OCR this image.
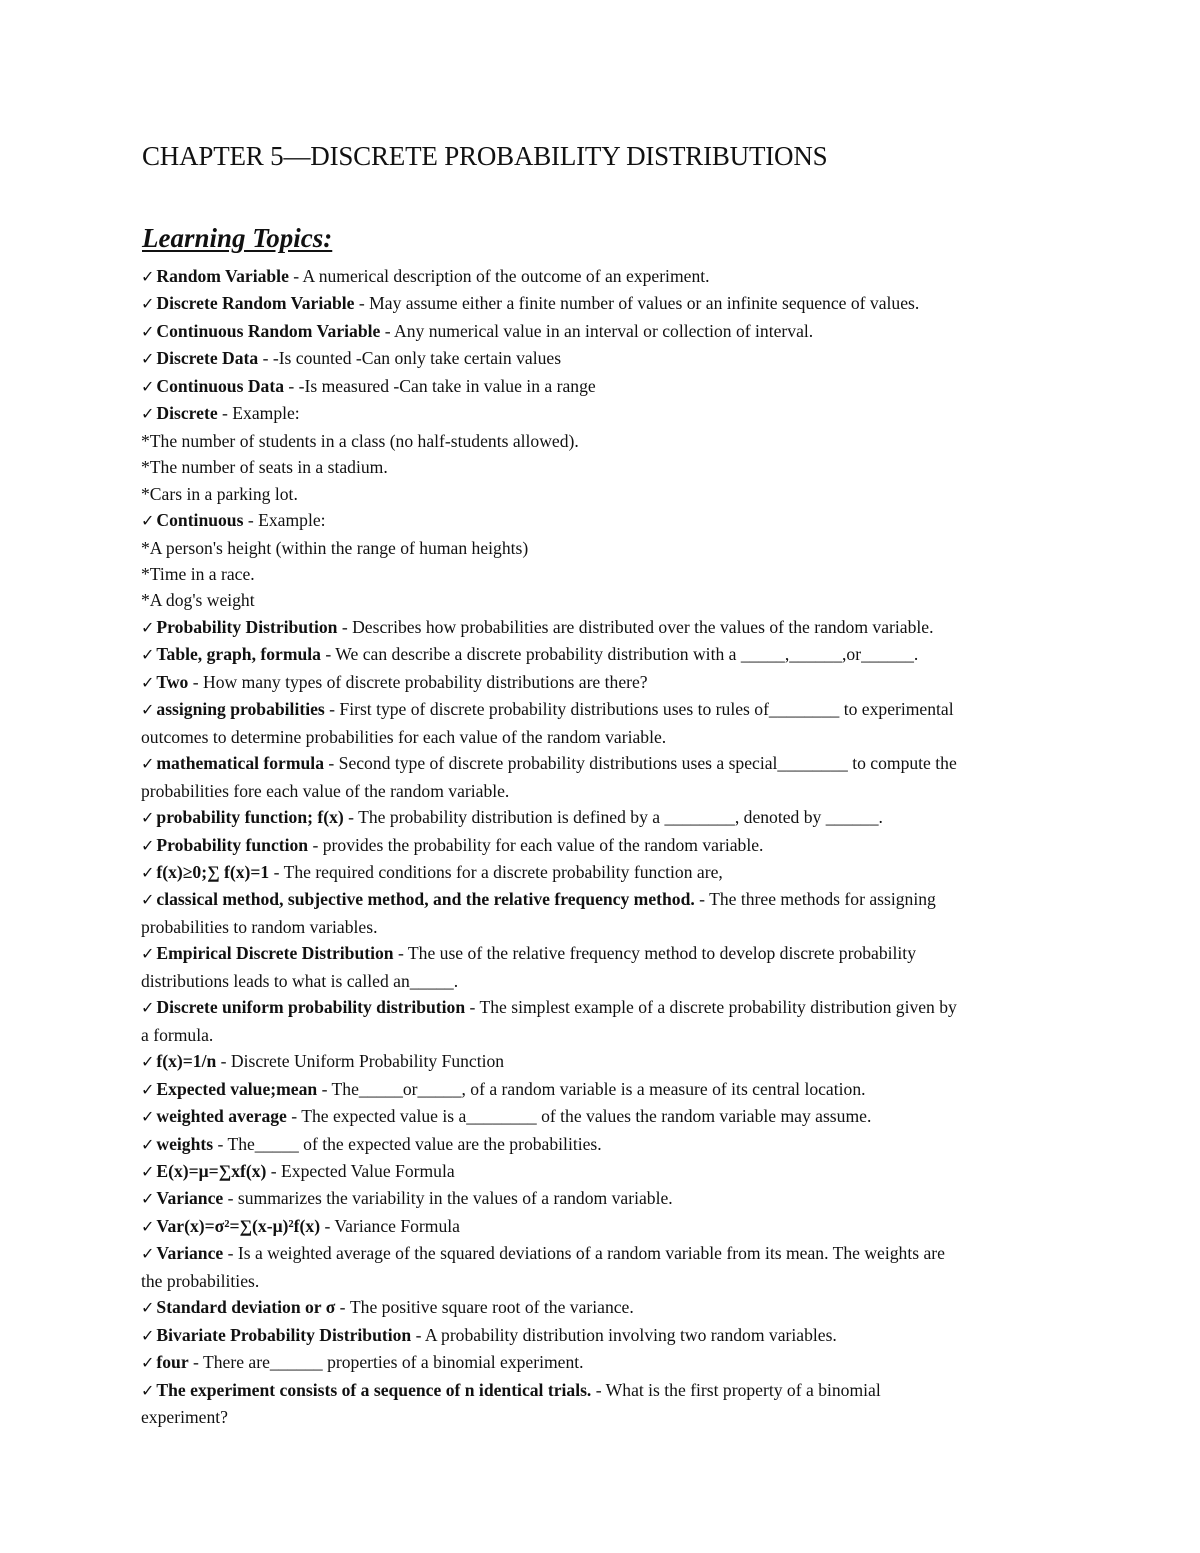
CHAPTER 5—DISCRETE PROBABILITY DISTRIBUTIONS
Learning Topics:
✓ Random Variable - A numerical description of the outcome of an experiment.
✓ Discrete Random Variable - May assume either a finite number of values or an infinite sequence of values.
✓ Continuous Random Variable - Any numerical value in an interval or collection of interval.
✓ Discrete Data - -Is counted -Can only take certain values
✓ Continuous Data - -Is measured -Can take in value in a range
✓ Discrete - Example:
*The number of students in a class (no half-students allowed).
*The number of seats in a stadium.
*Cars in a parking lot.
✓ Continuous - Example:
*A person's height (within the range of human heights)
*Time in a race.
*A dog's weight
✓ Probability Distribution - Describes how probabilities are distributed over the values of the random variable.
✓ Table, graph, formula - We can describe a discrete probability distribution with a _____,______,or______.
✓ Two - How many types of discrete probability distributions are there?
✓ assigning probabilities - First type of discrete probability distributions uses to rules of________ to experimental
outcomes to determine probabilities for each value of the random variable.
✓ mathematical formula - Second type of discrete probability distributions uses a special________ to compute the
probabilities fore each value of the random variable.
✓ probability function; f(x) - The probability distribution is defined by a ________, denoted by ______.
✓ Probability function - provides the probability for each value of the random variable.
✓ f(x)≥0;∑ f(x)=1 - The required conditions for a discrete probability function are,
✓ classical method, subjective method, and the relative frequency method. - The three methods for assigning
probabilities to random variables.
✓ Empirical Discrete Distribution - The use of the relative frequency method to develop discrete probability
distributions leads to what is called an_____.
✓ Discrete uniform probability distribution - The simplest example of a discrete probability distribution given by
a formula.
✓ f(x)=1/n - Discrete Uniform Probability Function
✓ Expected value;mean - The_____or_____, of a random variable is a measure of its central location.
✓ weighted average - The expected value is a________ of the values the random variable may assume.
✓ weights - The_____ of the expected value are the probabilities.
✓ E(x)=μ=∑xf(x) - Expected Value Formula
✓ Variance - summarizes the variability in the values of a random variable.
✓ Var(x)=σ²=∑(x-μ)²f(x) - Variance Formula
✓ Variance - Is a weighted average of the squared deviations of a random variable from its mean. The weights are
the probabilities.
✓ Standard deviation or σ - The positive square root of the variance.
✓ Bivariate Probability Distribution - A probability distribution involving two random variables.
✓ four - There are______ properties of a binomial experiment.
✓ The experiment consists of a sequence of n identical trials. - What is the first property of a binomial
experiment?
